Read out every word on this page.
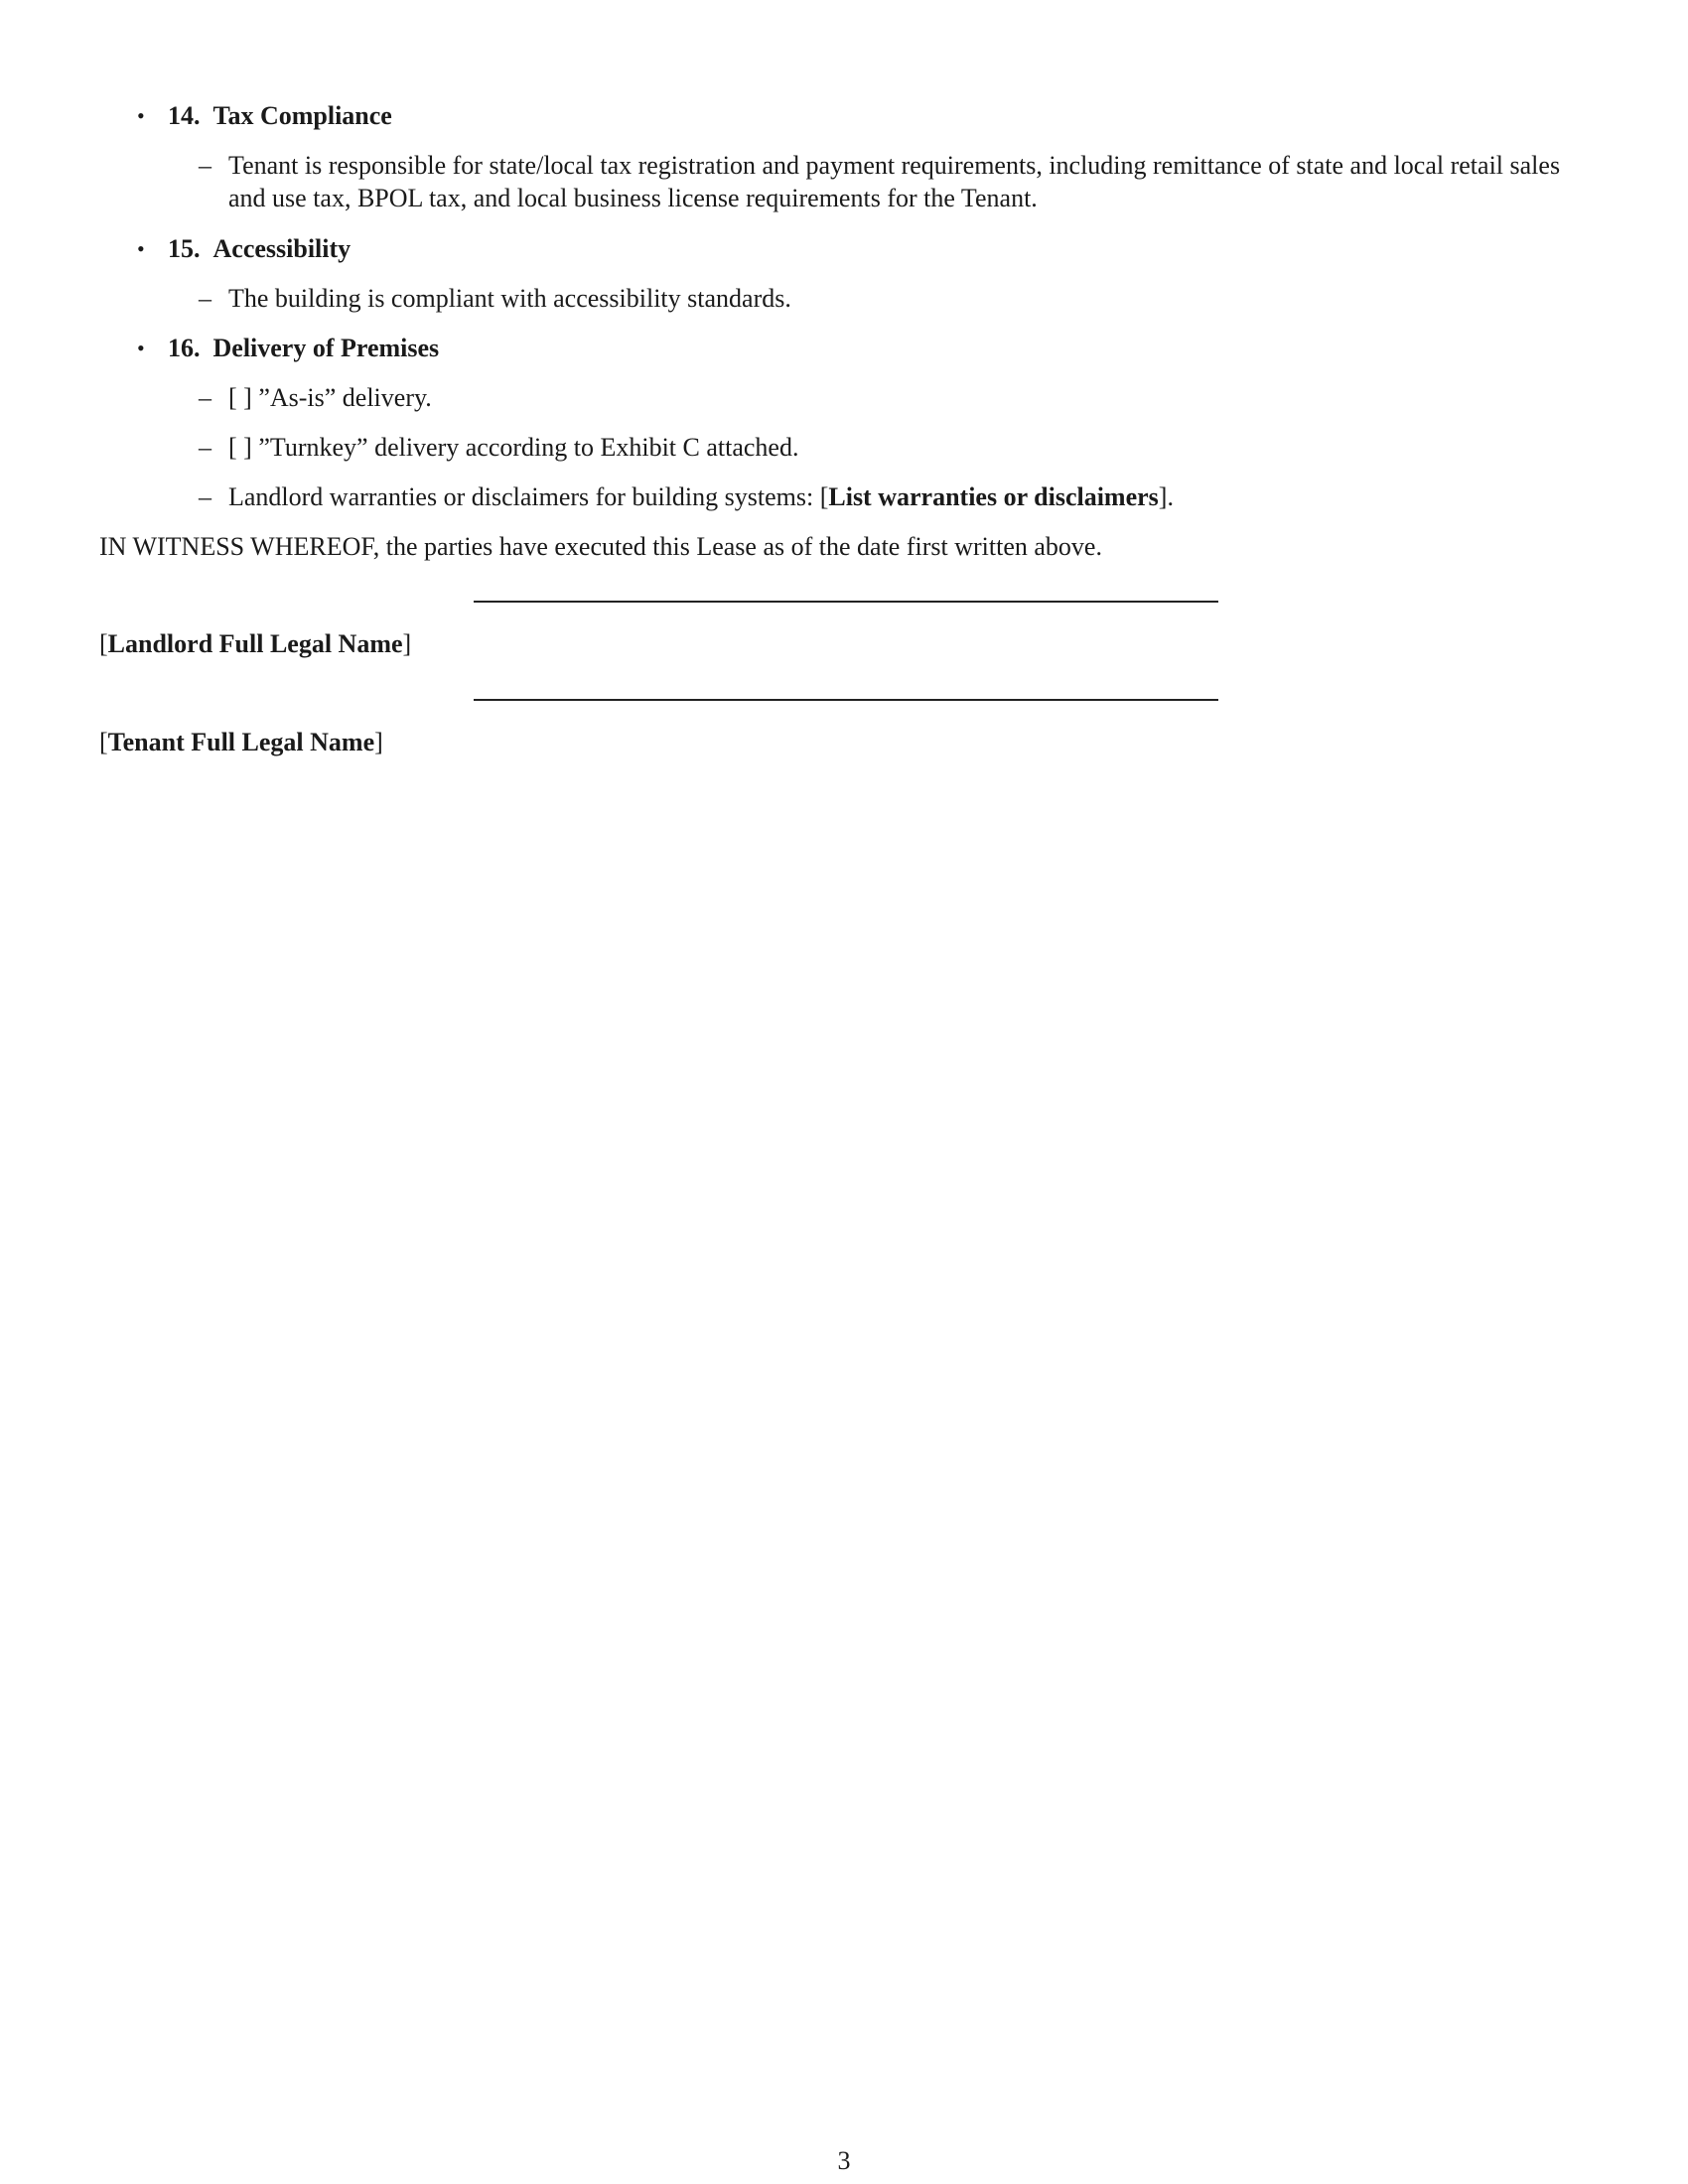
• 14. Tax Compliance
– Tenant is responsible for state/local tax registration and payment requirements, including remittance of state and local retail sales and use tax, BPOL tax, and local business license requirements for the Tenant.
• 15. Accessibility
– The building is compliant with accessibility standards.
• 16. Delivery of Premises
– [ ] ”As-is” delivery.
– [ ] ”Turnkey” delivery according to Exhibit C attached.
– Landlord warranties or disclaimers for building systems: [List warranties or disclaimers].
IN WITNESS WHEREOF, the parties have executed this Lease as of the date first written above.
[Landlord Full Legal Name]
[Tenant Full Legal Name]
3
